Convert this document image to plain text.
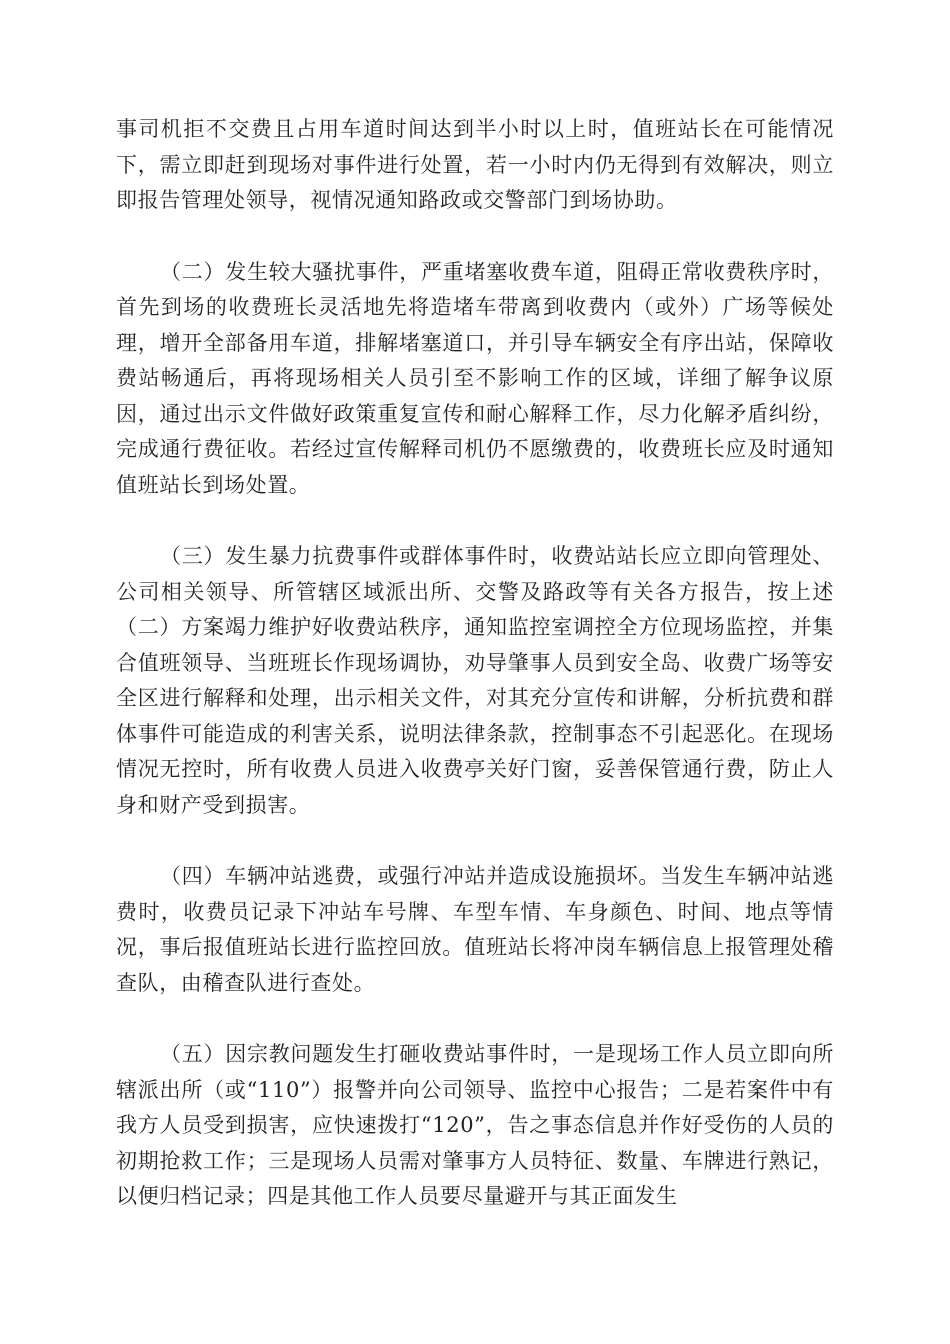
事司机拒不交费且占用车道时间达到半小时以上时，值班站长在可能情况下，需立即赶到现场对事件进行处置，若一小时内仍无得到有效解决，则立即报告管理处领导，视情况通知路政或交警部门到场协助。

（二）发生较大骚扰事件，严重堵塞收费车道，阻碍正常收费秩序时，首先到场的收费班长灵活地先将造堵车带离到收费内（或外）广场等候处理，增开全部备用车道，排解堵塞道口，并引导车辆安全有序出站，保障收费站畅通后，再将现场相关人员引至不影响工作的区域，详细了解争议原因，通过出示文件做好政策重复宣传和耐心解释工作，尽力化解矛盾纠纷，完成通行费征收。若经过宣传解释司机仍不愿缴费的，收费班长应及时通知值班站长到场处置。

（三）发生暴力抗费事件或群体事件时，收费站站长应立即向管理处、公司相关领导、所管辖区域派出所、交警及路政等有关各方报告，按上述（二）方案竭力维护好收费站秩序，通知监控室调控全方位现场监控，并集合值班领导、当班班长作现场调协，劝导肇事人员到安全岛、收费广场等安全区进行解释和处理，出示相关文件，对其充分宣传和讲解，分析抗费和群体事件可能造成的利害关系，说明法律条款，控制事态不引起恶化。在现场情况无控时，所有收费人员进入收费亭关好门窗，妥善保管通行费，防止人身和财产受到损害。

（四）车辆冲站逃费，或强行冲站并造成设施损坏。当发生车辆冲站逃费时，收费员记录下冲站车号牌、车型车情、车身颜色、时间、地点等情况，事后报值班站长进行监控回放。值班站长将冲岗车辆信息上报管理处稽查队，由稽查队进行查处。

（五）因宗教问题发生打砸收费站事件时，一是现场工作人员立即向所辖派出所（或“110”）报警并向公司领导、监控中心报告；二是若案件中有我方人员受到损害，应快速拨打“120”，告之事态信息并作好受伤的人员的初期抢救工作；三是现场人员需对肇事方人员特征、数量、车牌进行熟记，以便归档记录；四是其他工作人员要尽量避开与其正面发生
